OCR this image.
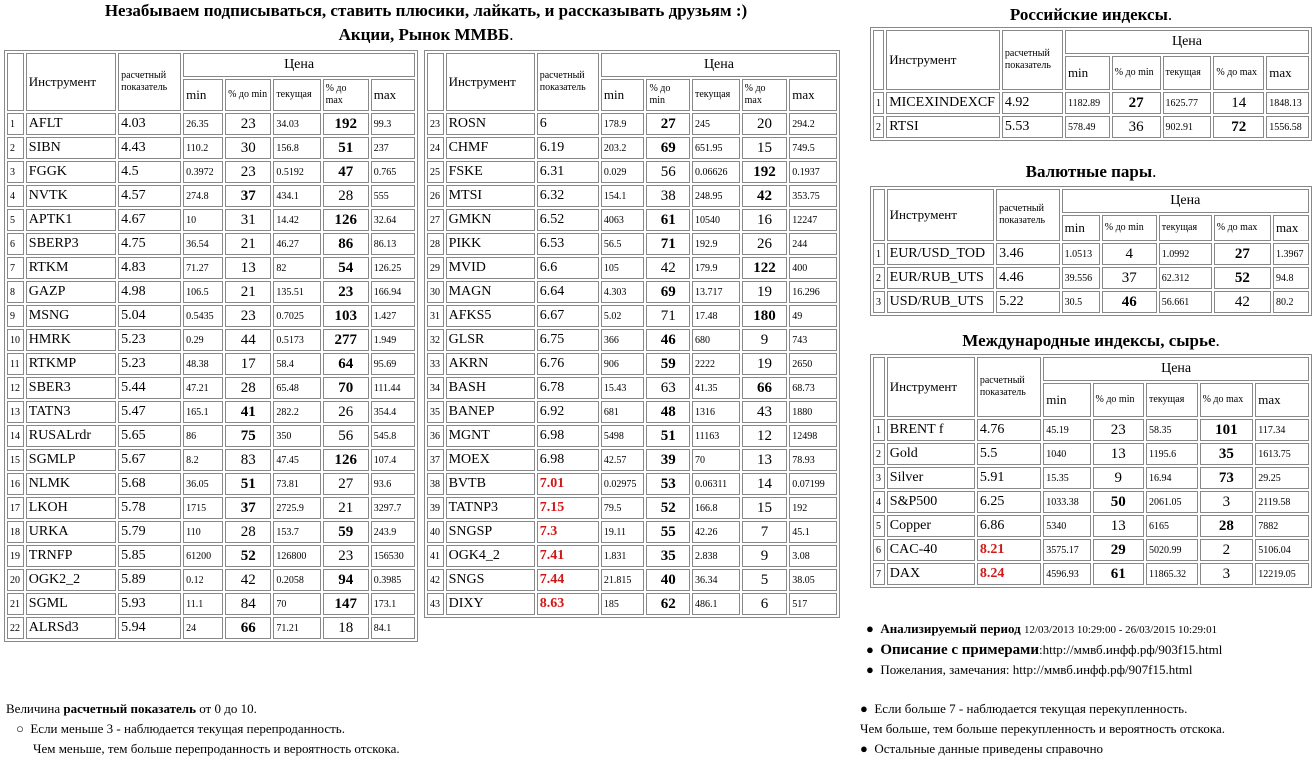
Незабываем подписываться, ставить плюсики, лайкать, и рассказывать друзьям :)
Акции, Рынок ММВБ.
	Инструмент	расчетный показатель	Цена				
			min	% до min	текущая	% до max	max
1	AFLT	4.03	26.35	23	34.03	192	99.3
2	SIBN	4.43	110.2	30	156.8	51	237
3	FGGK	4.5	0.3972	23	0.5192	47	0.765
4	NVTK	4.57	274.8	37	434.1	28	555
5	APTK1	4.67	10	31	14.42	126	32.64
6	SBERP3	4.75	36.54	21	46.27	86	86.13
7	RTKM	4.83	71.27	13	82	54	126.25
8	GAZP	4.98	106.5	21	135.51	23	166.94
9	MSNG	5.04	0.5435	23	0.7025	103	1.427
10	HMRK	5.23	0.29	44	0.5173	277	1.949
11	RTKMP	5.23	48.38	17	58.4	64	95.69
12	SBER3	5.44	47.21	28	65.48	70	111.44
13	TATN3	5.47	165.1	41	282.2	26	354.4
14	RUSALrdr	5.65	86	75	350	56	545.8
15	SGMLP	5.67	8.2	83	47.45	126	107.4
16	NLMK	5.68	36.05	51	73.81	27	93.6
17	LKOH	5.78	1715	37	2725.9	21	3297.7
18	URKA	5.79	110	28	153.7	59	243.9
19	TRNFP	5.85	61200	52	126800	23	156530
20	OGK2_2	5.89	0.12	42	0.2058	94	0.3985
21	SGML	5.93	11.1	84	70	147	173.1
22	ALRSd3	5.94	24	66	71.21	18	84.1
	Инструмент	расчетный показатель	Цена				
			min	% до min	текущая	% до max	max
23	ROSN	6	178.9	27	245	20	294.2
24	CHMF	6.19	203.2	69	651.95	15	749.5
25	FSKE	6.31	0.029	56	0.06626	192	0.1937
26	MTSI	6.32	154.1	38	248.95	42	353.75
27	GMKN	6.52	4063	61	10540	16	12247
28	PIKK	6.53	56.5	71	192.9	26	244
29	MVID	6.6	105	42	179.9	122	400
30	MAGN	6.64	4.303	69	13.717	19	16.296
31	AFKS5	6.67	5.02	71	17.48	180	49
32	GLSR	6.75	366	46	680	9	743
33	AKRN	6.76	906	59	2222	19	2650
34	BASH	6.78	15.43	63	41.35	66	68.73
35	BANEP	6.92	681	48	1316	43	1880
36	MGNT	6.98	5498	51	11163	12	12498
37	MOEX	6.98	42.57	39	70	13	78.93
38	BVTB	7.01	0.02975	53	0.06311	14	0.07199
39	TATNP3	7.15	79.5	52	166.8	15	192
40	SNGSP	7.3	19.11	55	42.26	7	45.1
41	OGK4_2	7.41	1.831	35	2.838	9	3.08
42	SNGS	7.44	21.815	40	36.34	5	38.05
43	DIXY	8.63	185	62	486.1	6	517
Российские индексы.
	Инструмент	расчетный показатель	Цена				
			min	% до min	текущая	% до max	max
1	MICEXINDEXCF	4.92	1182.89	27	1625.77	14	1848.13
2	RTSI	5.53	578.49	36	902.91	72	1556.58
Валютные пары.
	Инструмент	расчетный показатель	Цена				
			min	% до min	текущая	% до max	max
1	EUR/USD_TOD	3.46	1.0513	4	1.0992	27	1.3967
2	EUR/RUB_UTS	4.46	39.556	37	62.312	52	94.8
3	USD/RUB_UTS	5.22	30.5	46	56.661	42	80.2
Международные индексы, сырье.
	Инструмент	расчетный показатель	Цена				
			min	% до min	текущая	% до max	max
1	BRENT f	4.76	45.19	23	58.35	101	117.34
2	Gold	5.5	1040	13	1195.6	35	1613.75
3	Silver	5.91	15.35	9	16.94	73	29.25
4	S&P500	6.25	1033.38	50	2061.05	3	2119.58
5	Copper	6.86	5340	13	6165	28	7882
6	CAC-40	8.21	3575.17	29	5020.99	2	5106.04
7	DAX	8.24	4596.93	61	11865.32	3	12219.05
● Анализируемый период 12/03/2013 10:29:00 - 26/03/2015 10:29:01
● Описание с примерами:http://ммвб.инфф.рф/903f15.html
● Пожелания, замечания: http://ммвб.инфф.рф/907f15.html
Величина расчетный показатель от 0 до 10.
○ Если меньше 3 - наблюдается текущая перепроданность.
Чем меньше, тем больше перепроданность и вероятность отскока.
● Если больше 7 - наблюдается текущая перекупленность.
Чем больше, тем больше перекупленность и вероятность отскока.
● Остальные данные приведены справочно
